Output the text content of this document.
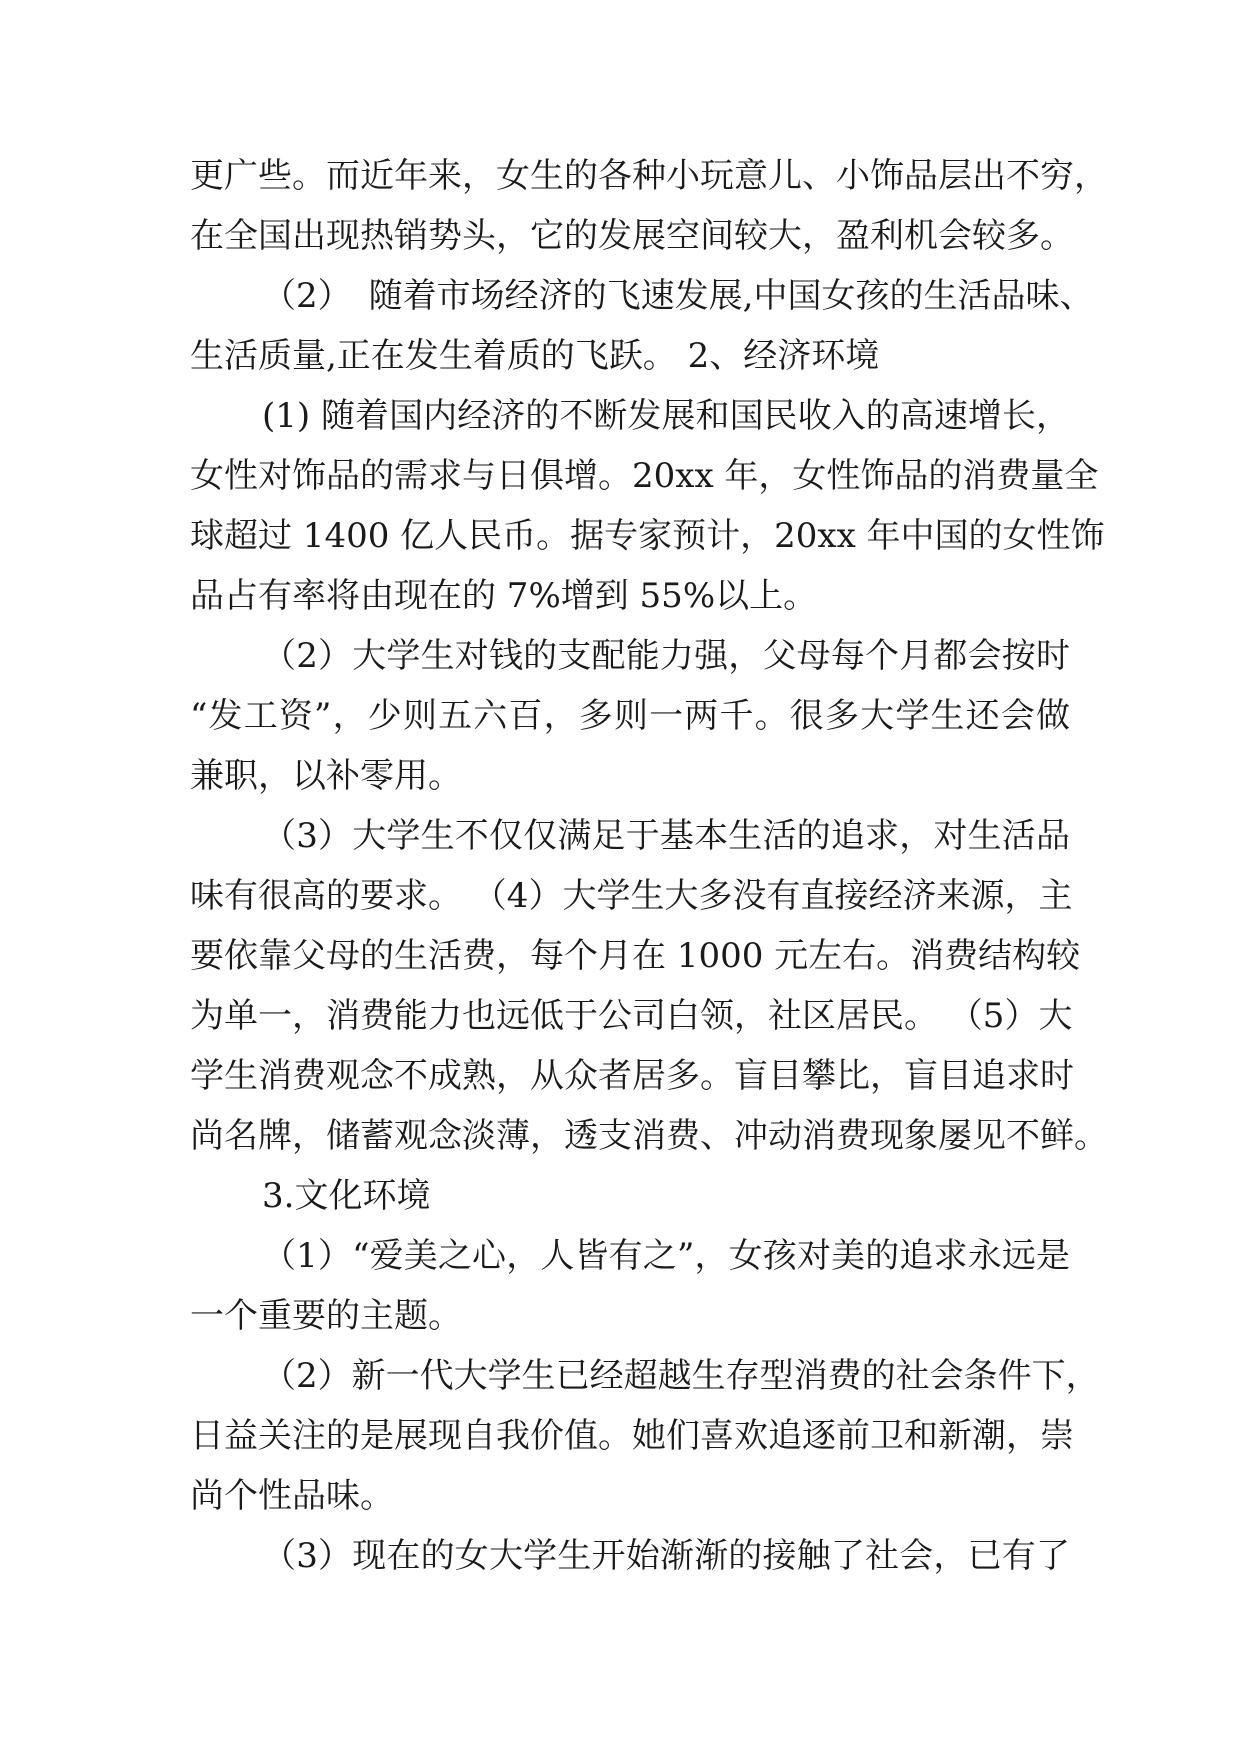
更广些。而近年来，女生的各种小玩意儿、小饰品层出不穷，
在全国出现热销势头，它的发展空间较大，盈利机会较多。
（2）　随着市场经济的飞速发展,中国女孩的生活品味、
生活质量,正在发生着质的飞跃。 2、经济环境
(1) 随着国内经济的不断发展和国民收入的高速增长，
女性对饰品的需求与日俱增。20xx 年，女性饰品的消费量全
球超过 1400 亿人民币。据专家预计，20xx 年中国的女性饰
品占有率将由现在的 7%增到 55%以上。
（2）大学生对钱的支配能力强，父母每个月都会按时
“发工资”，少则五六百，多则一两千。很多大学生还会做
兼职，以补零用。
（3）大学生不仅仅满足于基本生活的追求，对生活品
味有很高的要求。 （4）大学生大多没有直接经济来源，主
要依靠父母的生活费，每个月在 1000 元左右。消费结构较
为单一，消费能力也远低于公司白领，社区居民。 （5）大
学生消费观念不成熟，从众者居多。盲目攀比，盲目追求时
尚名牌，储蓄观念淡薄，透支消费、冲动消费现象屡见不鲜。
3.文化环境
（1）“爱美之心，人皆有之”，女孩对美的追求永远是
一个重要的主题。
（2）新一代大学生已经超越生存型消费的社会条件下，
日益关注的是展现自我价值。她们喜欢追逐前卫和新潮，崇
尚个性品味。
（3）现在的女大学生开始渐渐的接触了社会，已有了
